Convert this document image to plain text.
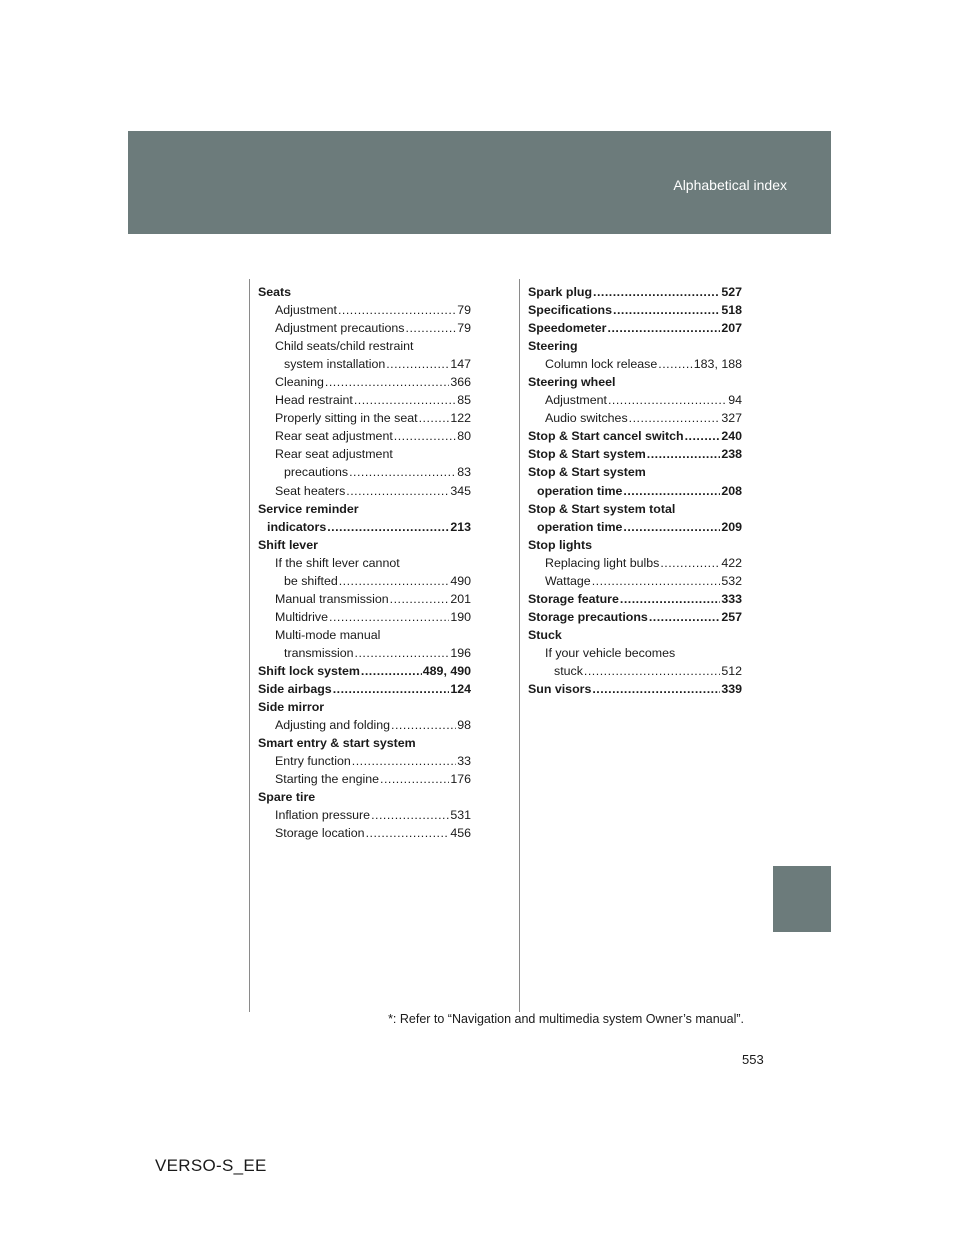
Alphabetical index
Seats
Adjustment .....	79
Adjustment precautions .....	79
Child seats/child restraint
system installation .....	147
Cleaning .....	366
Head restraint .....	85
Properly sitting in the seat .....	122
Rear seat adjustment .....	80
Rear seat adjustment
precautions .....	83
Seat heaters .....	345
Service reminder
indicators .....	213
Shift lever
If the shift lever cannot
be shifted .....	490
Manual transmission .....	201
Multidrive .....	190
Multi-mode manual
transmission .....	196
Shift lock system .....	489, 490
Side airbags .....	124
Side mirror
Adjusting and folding .....	98
Smart entry & start system
Entry function .....	33
Starting the engine .....	176
Spare tire
Inflation pressure .....	531
Storage location .....	456
Spark plug .....	527
Specifications .....	518
Speedometer .....	207
Steering
Column lock release .....	183, 188
Steering wheel
Adjustment .....	94
Audio switches .....	327
Stop & Start cancel switch .....	240
Stop & Start system .....	238
Stop & Start system
operation time .....	208
Stop & Start system total
operation time .....	209
Stop lights
Replacing light bulbs .....	422
Wattage .....	532
Storage feature .....	333
Storage precautions .....	257
Stuck
If your vehicle becomes
stuck .....	512
Sun visors .....	339
*: Refer to “Navigation and multimedia system Owner’s manual”.
553
VERSO-S_EE
